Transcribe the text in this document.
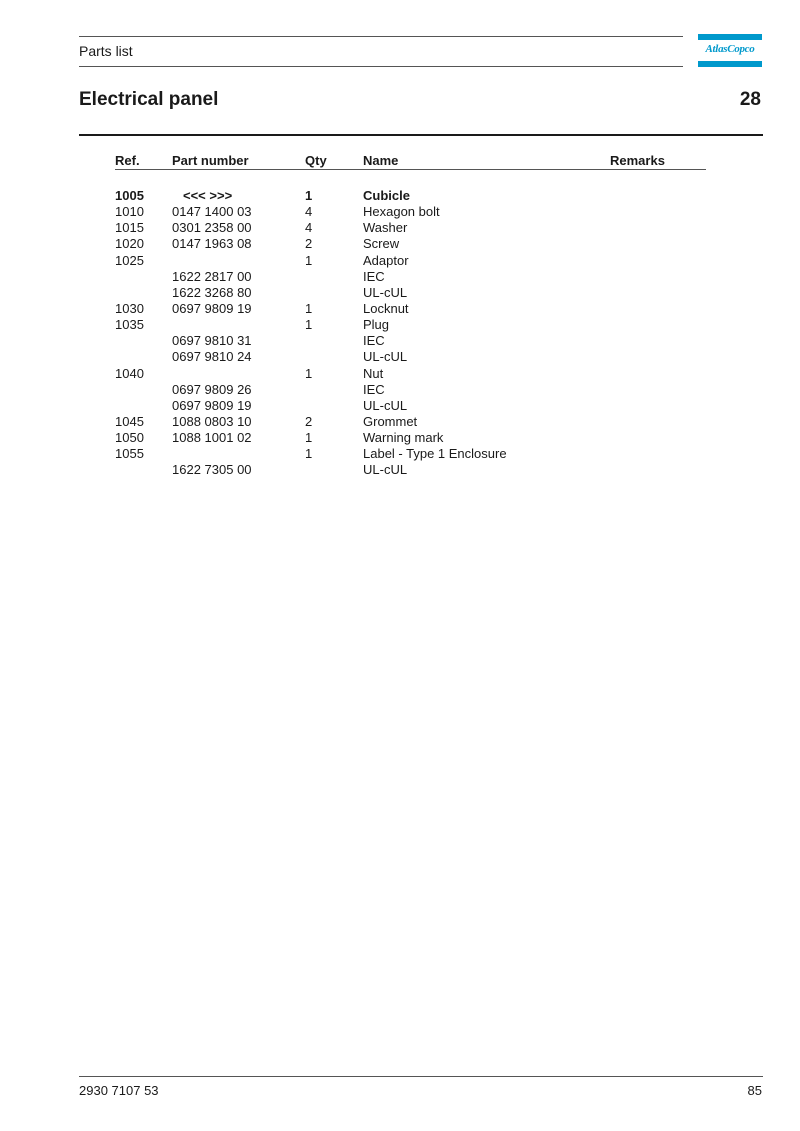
Parts list	AtlasCopco
Electrical panel	28
Ref. Part number	Qty	Name	Remarks
1005	<<< >>>	1	Cubicle
1010 0147 1400 03	4	Hexagon bolt
1015 0301 2358 00	4	Washer
1020 0147 1963 08	2	Screw
1025	1	Adaptor
1622 2817 00	IEC
1622 3268 80	UL-cUL
1030 0697 9809 19	1	Locknut
1035	1	Plug
0697 9810 31	IEC
0697 9810 24	UL-cUL
1040	1	Nut
0697 9809 26	IEC
0697 9809 19	UL-cUL
1045 1088 0803 10	2	Grommet
1050 1088 1001 02	1	Warning mark
1055	1	Label - Type 1 Enclosure
1622 7305 00	UL-cUL
2930 7107 53	85
